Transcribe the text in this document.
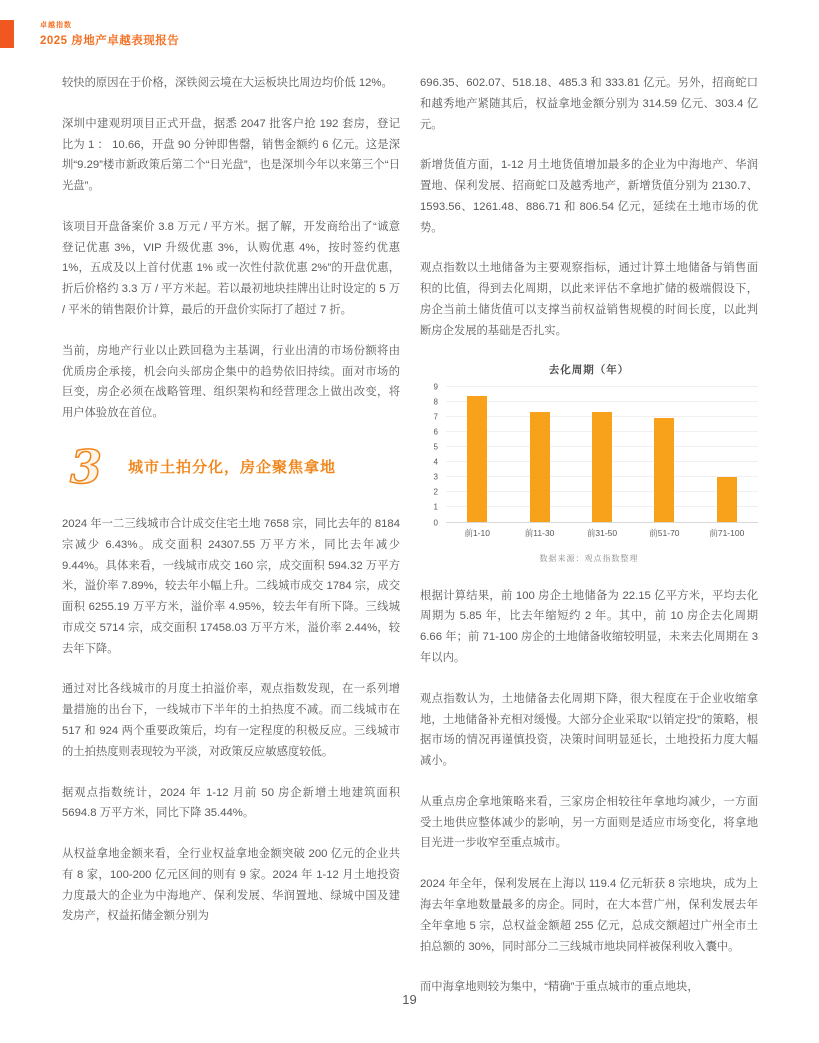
卓越指数
2025 房地产卓越表现报告

较快的原因在于价格，深铁阅云境在大运板块比周边均价低 12%。

深圳中建观玥项目正式开盘，据悉 2047 批客户抢 192 套房，登记比为 1 ： 10.66，开盘 90 分钟即售罄，销售金额约 6 亿元。这是深圳“9.29”楼市新政策后第二个“日光盘”，也是深圳今年以来第三个“日光盘”。

该项目开盘备案价 3.8 万元 / 平方米。据了解，开发商给出了“诚意登记优惠 3%，VIP 升级优惠 3%，认购优惠 4%，按时签约优惠 1%，五成及以上首付优惠 1% 或一次性付款优惠 2%”的开盘优惠，折后价格约 3.3 万 / 平方米起。若以最初地块挂牌出让时设定的 5 万 / 平米的销售限价计算，最后的开盘价实际打了超过 7 折。

当前，房地产行业以止跌回稳为主基调，行业出清的市场份额将由优质房企承接，机会向头部房企集中的趋势依旧持续。面对市场的巨变，房企必须在战略管理、组织架构和经营理念上做出改变，将用户体验放在首位。

3 城市土拍分化，房企聚焦拿地

2024 年一二三线城市合计成交住宅土地 7658 宗，同比去年的 8184 宗减少 6.43%。成交面积 24307.55 万平方米，同比去年减少 9.44%。具体来看，一线城市成交 160 宗，成交面积 594.32 万平方米，溢价率 7.89%，较去年小幅上升。二线城市成交 1784 宗，成交面积 6255.19 万平方米，溢价率 4.95%，较去年有所下降。三线城市成交 5714 宗，成交面积 17458.03 万平方米，溢价率 2.44%，较去年下降。

通过对比各线城市的月度土拍溢价率，观点指数发现，在一系列增量措施的出台下，一线城市下半年的土拍热度不减。而二线城市在 517 和 924 两个重要政策后，均有一定程度的积极反应。三线城市的土拍热度则表现较为平淡，对政策反应敏感度较低。

据观点指数统计，2024 年 1-12 月前 50 房企新增土地建筑面积 5694.8 万平方米，同比下降 35.44%。

从权益拿地金额来看，全行业权益拿地金额突破 200 亿元的企业共有 8 家，100-200 亿元区间的则有 9 家。2024 年 1-12 月土地投资力度最大的企业为中海地产、保利发展、华润置地、绿城中国及建发房产，权益拓储金额分别为

696.35、602.07、518.18、485.3 和 333.81 亿元。另外，招商蛇口和越秀地产紧随其后，权益拿地金额分别为 314.59 亿元、303.4 亿元。

新增货值方面，1-12 月土地货值增加最多的企业为中海地产、华润置地、保利发展、招商蛇口及越秀地产，新增货值分别为 2130.7、1593.56、1261.48、886.71 和 806.54 亿元，延续在土地市场的优势。

观点指数以土地储备为主要观察指标，通过计算土地储备与销售面积的比值，得到去化周期，以此来评估不拿地扩储的极端假设下，房企当前土储货值可以支撑当前权益销售规模的时间长度，以此判断房企发展的基础是否扎实。

去化周期（年）
0
1
2
3
4
5
6
7
8
9
前1-10	前11-30	前31-50	前51-70	前71-100
数据来源：观点指数整理

根据计算结果，前 100 房企土地储备为 22.15 亿平方米，平均去化周期为 5.85 年，比去年缩短约 2 年。其中，前 10 房企去化周期 6.66 年；前 71-100 房企的土地储备收缩较明显，未来去化周期在 3 年以内。

观点指数认为，土地储备去化周期下降，很大程度在于企业收缩拿地，土地储备补充相对缓慢。大部分企业采取“以销定投”的策略，根据市场的情况再谨慎投资，决策时间明显延长，土地投拓力度大幅减小。

从重点房企拿地策略来看，三家房企相较往年拿地均减少，一方面受土地供应整体减少的影响，另一方面则是适应市场变化，将拿地目光进一步收窄至重点城市。

2024 年全年，保利发展在上海以 119.4 亿元斩获 8 宗地块，成为上海去年拿地数量最多的房企。同时，在大本营广州，保利发展去年全年拿地 5 宗，总权益金额超 255 亿元，总成交额超过广州全市土拍总额的 30%，同时部分二三线城市地块同样被保利收入囊中。

而中海拿地则较为集中，“精确”于重点城市的重点地块，

19
